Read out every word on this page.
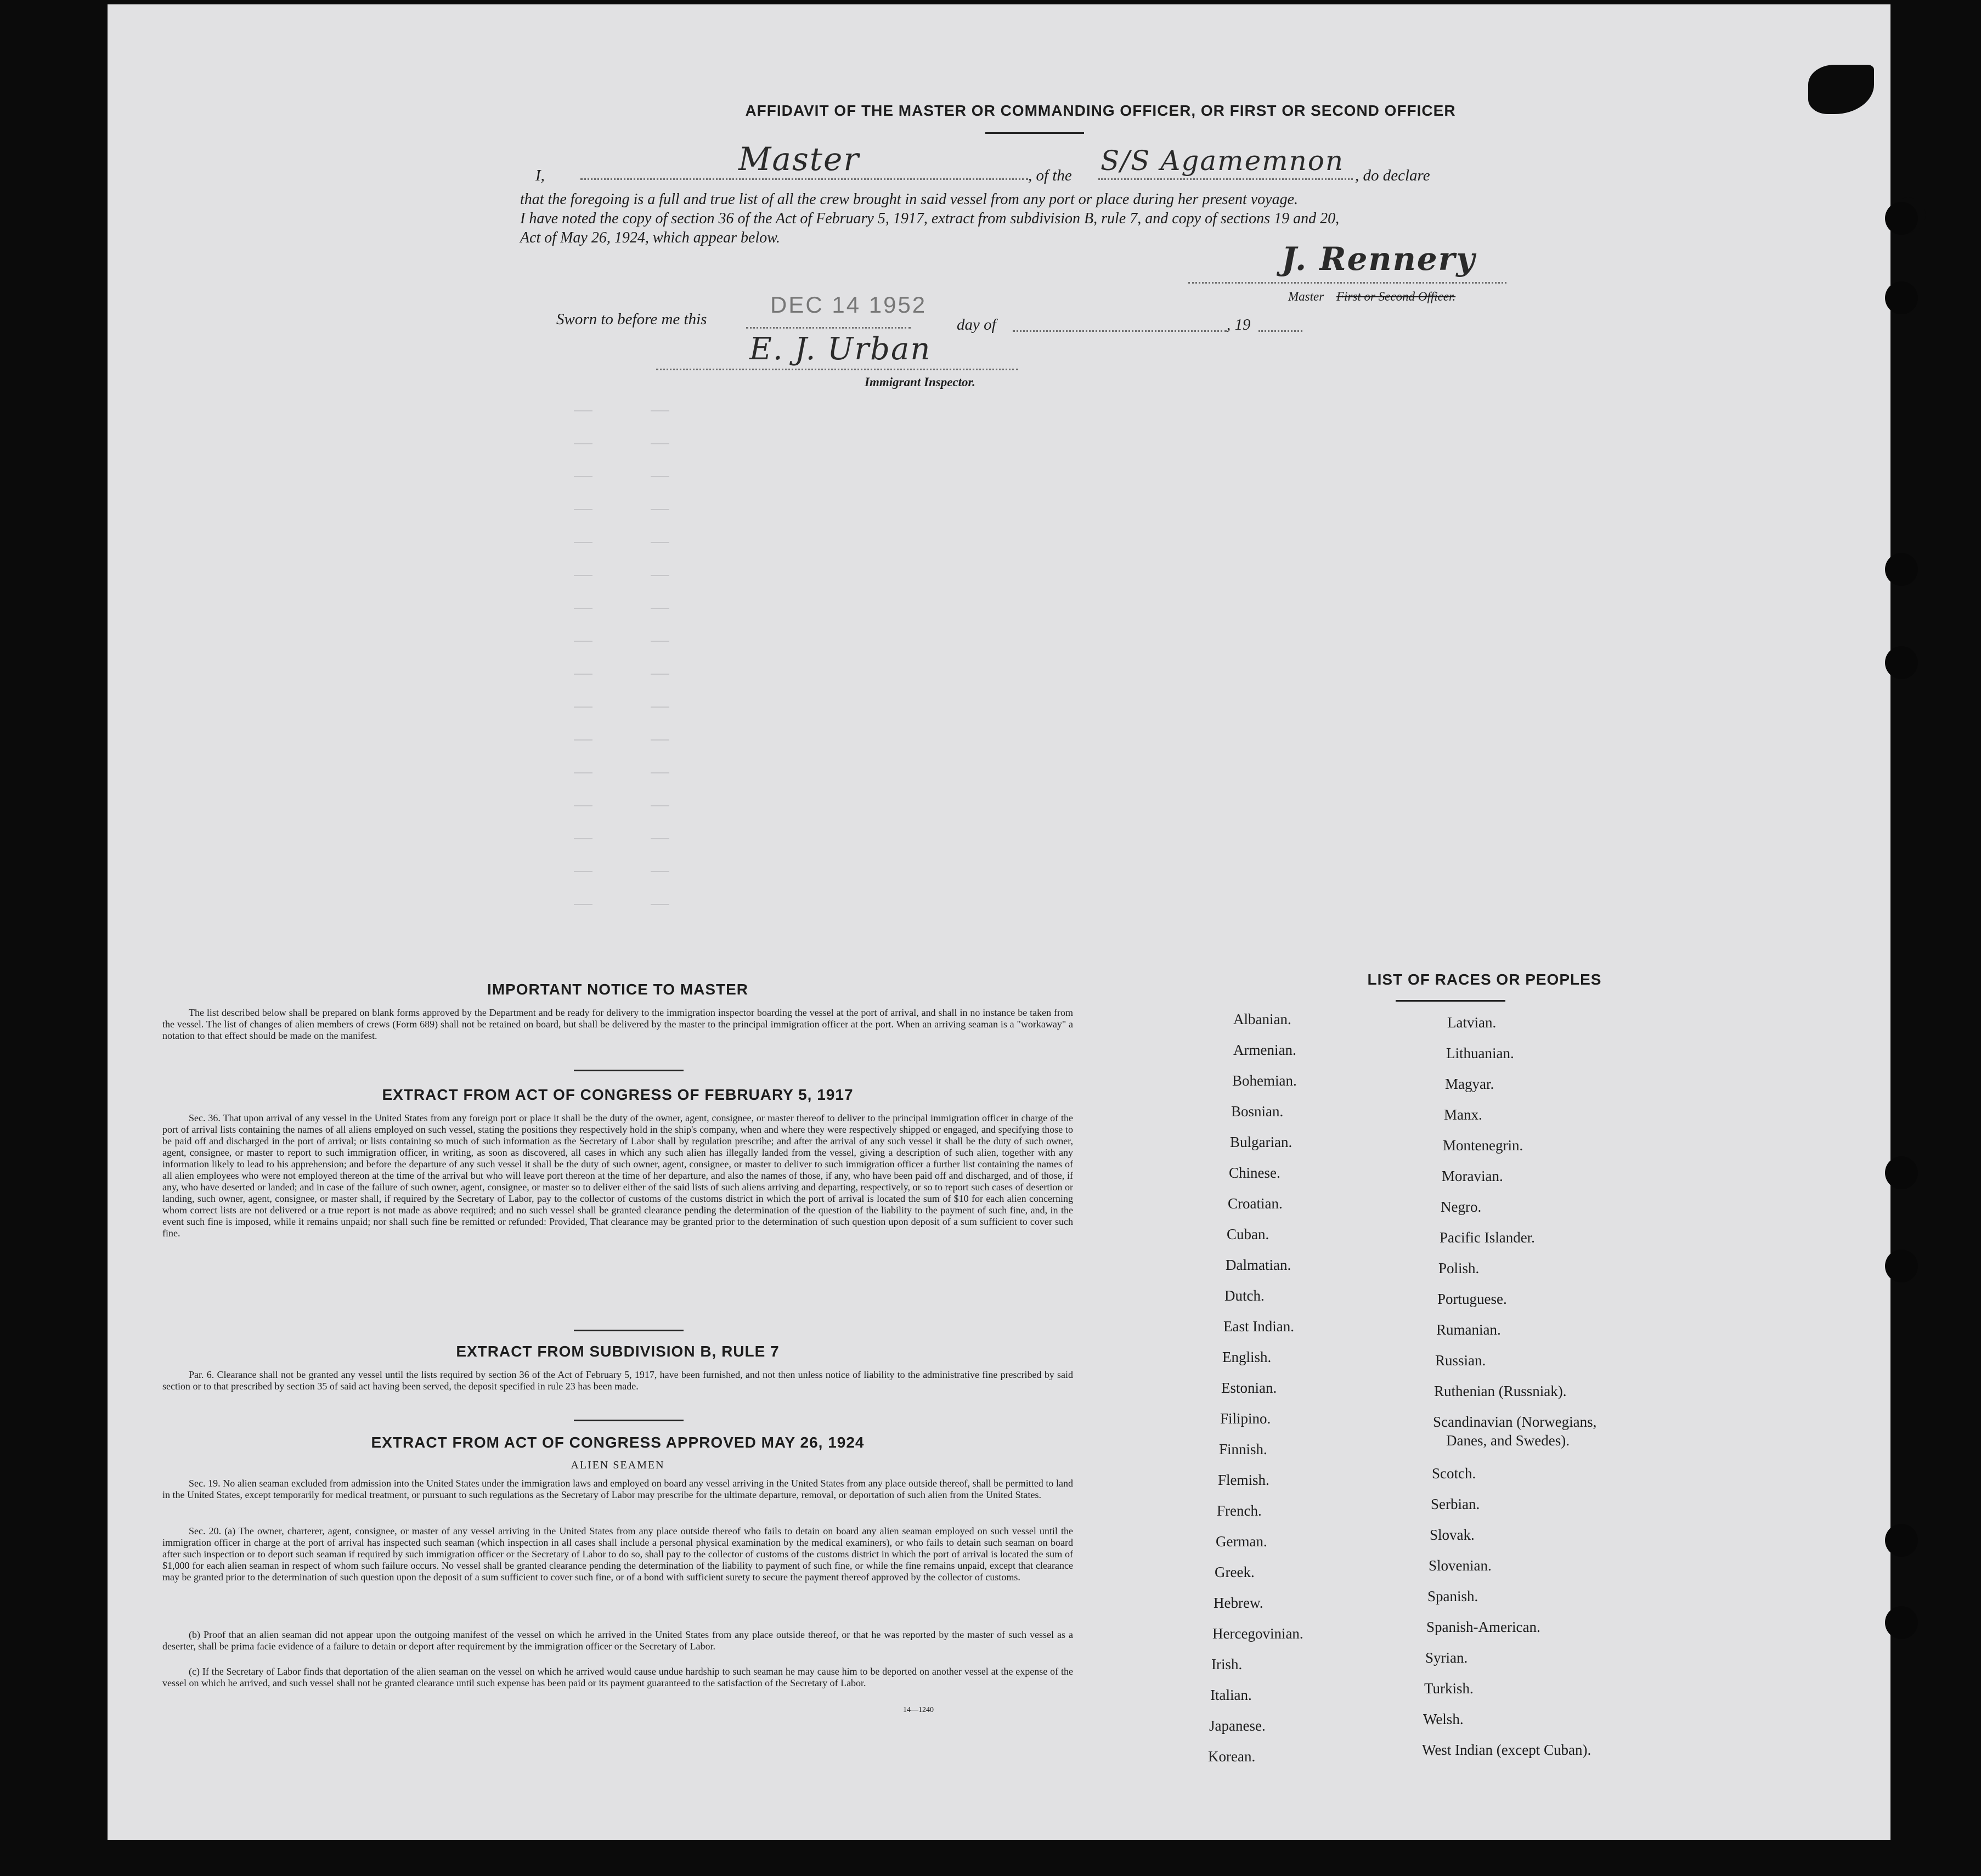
AFFIDAVIT OF THE MASTER OR COMMANDING OFFICER, OR FIRST OR SECOND OFFICER
I,	Master	, of the S/S Agamemnon , do declare
that the foregoing is a full and true list of all the crew brought in said vessel from any port or place during her present voyage.
I have noted the copy of section 36 of the Act of February 5, 1917, extract from subdivision B, rule 7, and copy of sections 19 and 20,
Act of May 26, 1924, which appear below.
J. Rennery
Master First or Second Officer.
Sworn to before me this
DEC 14 1952
day of	, 19
E. J. Urban
Immigrant Inspector.
IMPORTANT NOTICE TO MASTER
The list described below shall be prepared on blank forms approved by the Department and be ready for delivery to the immigration inspector boarding the vessel at the port of arrival, and shall in no instance be taken from the vessel. The list of changes of alien members of crews (Form 689) shall not be retained on board, but shall be delivered by the master to the principal immigration officer at the port. When an arriving seaman is a "workaway" a notation to that effect should be made on the manifest.
EXTRACT FROM ACT OF CONGRESS OF FEBRUARY 5, 1917
Sec. 36. That upon arrival of any vessel in the United States from any foreign port or place it shall be the duty of the owner, agent, consignee, or master thereof to deliver to the principal immigration officer in charge of the port of arrival lists containing the names of all aliens employed on such vessel, stating the positions they respectively hold in the ship's company, when and where they were respectively shipped or engaged, and specifying those to be paid off and discharged in the port of arrival; or lists containing so much of such information as the Secretary of Labor shall by regulation prescribe; and after the arrival of any such vessel it shall be the duty of such owner, agent, consignee, or master to report to such immigration officer, in writing, as soon as discovered, all cases in which any such alien has illegally landed from the vessel, giving a description of such alien, together with any information likely to lead to his apprehension; and before the departure of any such vessel it shall be the duty of such owner, agent, consignee, or master to deliver to such immigration officer a further list containing the names of all alien employees who were not employed thereon at the time of the arrival but who will leave port thereon at the time of her departure, and also the names of those, if any, who have been paid off and discharged, and of those, if any, who have deserted or landed; and in case of the failure of such owner, agent, consignee, or master so to deliver either of the said lists of such aliens arriving and departing, respectively, or so to report such cases of desertion or landing, such owner, agent, consignee, or master shall, if required by the Secretary of Labor, pay to the collector of customs of the customs district in which the port of arrival is located the sum of $10 for each alien concerning whom correct lists are not delivered or a true report is not made as above required; and no such vessel shall be granted clearance pending the determination of the question of the liability to the payment of such fine, and, in the event such fine is imposed, while it remains unpaid; nor shall such fine be remitted or refunded: Provided, That clearance may be granted prior to the determination of such question upon deposit of a sum sufficient to cover such fine.
EXTRACT FROM SUBDIVISION B, RULE 7
Par. 6. Clearance shall not be granted any vessel until the lists required by section 36 of the Act of February 5, 1917, have been furnished, and not then unless notice of liability to the administrative fine prescribed by said section or to that prescribed by section 35 of said act having been served, the deposit specified in rule 23 has been made.
EXTRACT FROM ACT OF CONGRESS APPROVED MAY 26, 1924
ALIEN SEAMEN
Sec. 19. No alien seaman excluded from admission into the United States under the immigration laws and employed on board any vessel arriving in the United States from any place outside thereof, shall be permitted to land in the United States, except temporarily for medical treatment, or pursuant to such regulations as the Secretary of Labor may prescribe for the ultimate departure, removal, or deportation of such alien from the United States.
Sec. 20. (a) The owner, charterer, agent, consignee, or master of any vessel arriving in the United States from any place outside thereof who fails to detain on board any alien seaman employed on such vessel until the immigration officer in charge at the port of arrival has inspected such seaman (which inspection in all cases shall include a personal physical examination by the medical examiners), or who fails to detain such seaman on board after such inspection or to deport such seaman if required by such immigration officer or the Secretary of Labor to do so, shall pay to the collector of customs of the customs district in which the port of arrival is located the sum of $1,000 for each alien seaman in respect of whom such failure occurs. No vessel shall be granted clearance pending the determination of the liability to payment of such fine, or while the fine remains unpaid, except that clearance may be granted prior to the determination of such question upon the deposit of a sum sufficient to cover such fine, or of a bond with sufficient surety to secure the payment thereof approved by the collector of customs.
(b) Proof that an alien seaman did not appear upon the outgoing manifest of the vessel on which he arrived in the United States from any place outside thereof, or that he was reported by the master of such vessel as a deserter, shall be prima facie evidence of a failure to detain or deport after requirement by the immigration officer or the Secretary of Labor.
(c) If the Secretary of Labor finds that deportation of the alien seaman on the vessel on which he arrived would cause undue hardship to such seaman he may cause him to be deported on another vessel at the expense of the vessel on which he arrived, and such vessel shall not be granted clearance until such expense has been paid or its payment guaranteed to the satisfaction of the Secretary of Labor.
14—1240
LIST OF RACES OR PEOPLES
Albanian.
Armenian.
Bohemian.
Bosnian.
Bulgarian.
Chinese.
Croatian.
Cuban.
Dalmatian.
Dutch.
East Indian.
English.
Estonian.
Filipino.
Finnish.
Flemish.
French.
German.
Greek.
Hebrew.
Hercegovinian.
Irish.
Italian.
Japanese.
Korean.
Latvian.
Lithuanian.
Magyar.
Manx.
Montenegrin.
Moravian.
Negro.
Pacific Islander.
Polish.
Portuguese.
Rumanian.
Russian.
Ruthenian (Russniak).
Scandinavian (Norwegians,
Danes, and Swedes).
Scotch.
Serbian.
Slovak.
Slovenian.
Spanish.
Spanish-American.
Syrian.
Turkish.
Welsh.
West Indian (except Cuban).
